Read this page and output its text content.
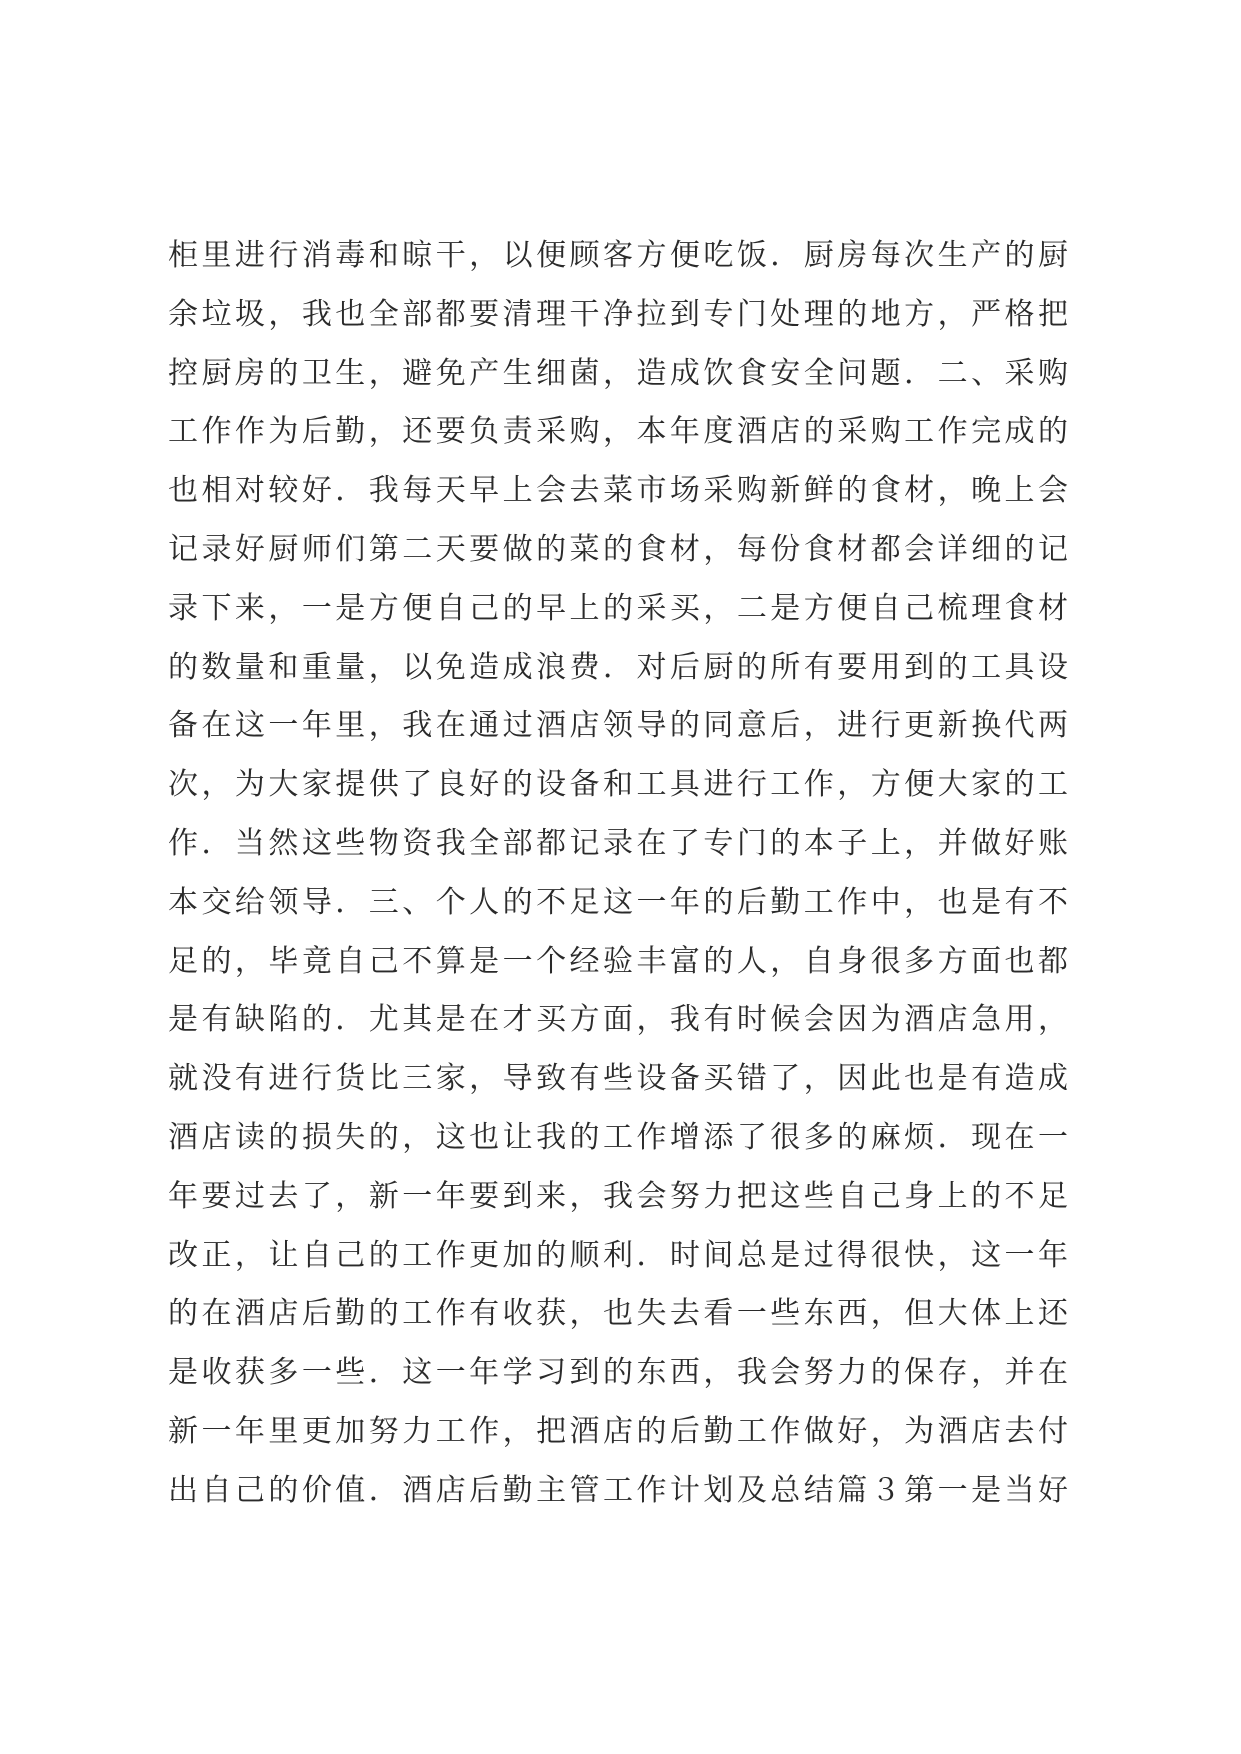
柜里进行消毒和晾干，以便顾客方便吃饭．厨房每次生产的厨
余垃圾，我也全部都要清理干净拉到专门处理的地方，严格把
控厨房的卫生，避免产生细菌，造成饮食安全问题．二、采购
工作作为后勤，还要负责采购，本年度酒店的采购工作完成的
也相对较好．我每天早上会去菜市场采购新鲜的食材，晚上会
记录好厨师们第二天要做的菜的食材，每份食材都会详细的记
录下来，一是方便自己的早上的采买，二是方便自己梳理食材
的数量和重量，以免造成浪费．对后厨的所有要用到的工具设
备在这一年里，我在通过酒店领导的同意后，进行更新换代两
次，为大家提供了良好的设备和工具进行工作，方便大家的工
作．当然这些物资我全部都记录在了专门的本子上，并做好账
本交给领导．三、个人的不足这一年的后勤工作中，也是有不
足的，毕竟自己不算是一个经验丰富的人，自身很多方面也都
是有缺陷的．尤其是在才买方面，我有时候会因为酒店急用，
就没有进行货比三家，导致有些设备买错了，因此也是有造成
酒店读的损失的，这也让我的工作增添了很多的麻烦．现在一
年要过去了，新一年要到来，我会努力把这些自己身上的不足
改正，让自己的工作更加的顺利．时间总是过得很快，这一年
的在酒店后勤的工作有收获，也失去看一些东西，但大体上还
是收获多一些．这一年学习到的东西，我会努力的保存，并在
新一年里更加努力工作，把酒店的后勤工作做好，为酒店去付
出自己的价值．酒店后勤主管工作计划及总结篇３第一是当好
